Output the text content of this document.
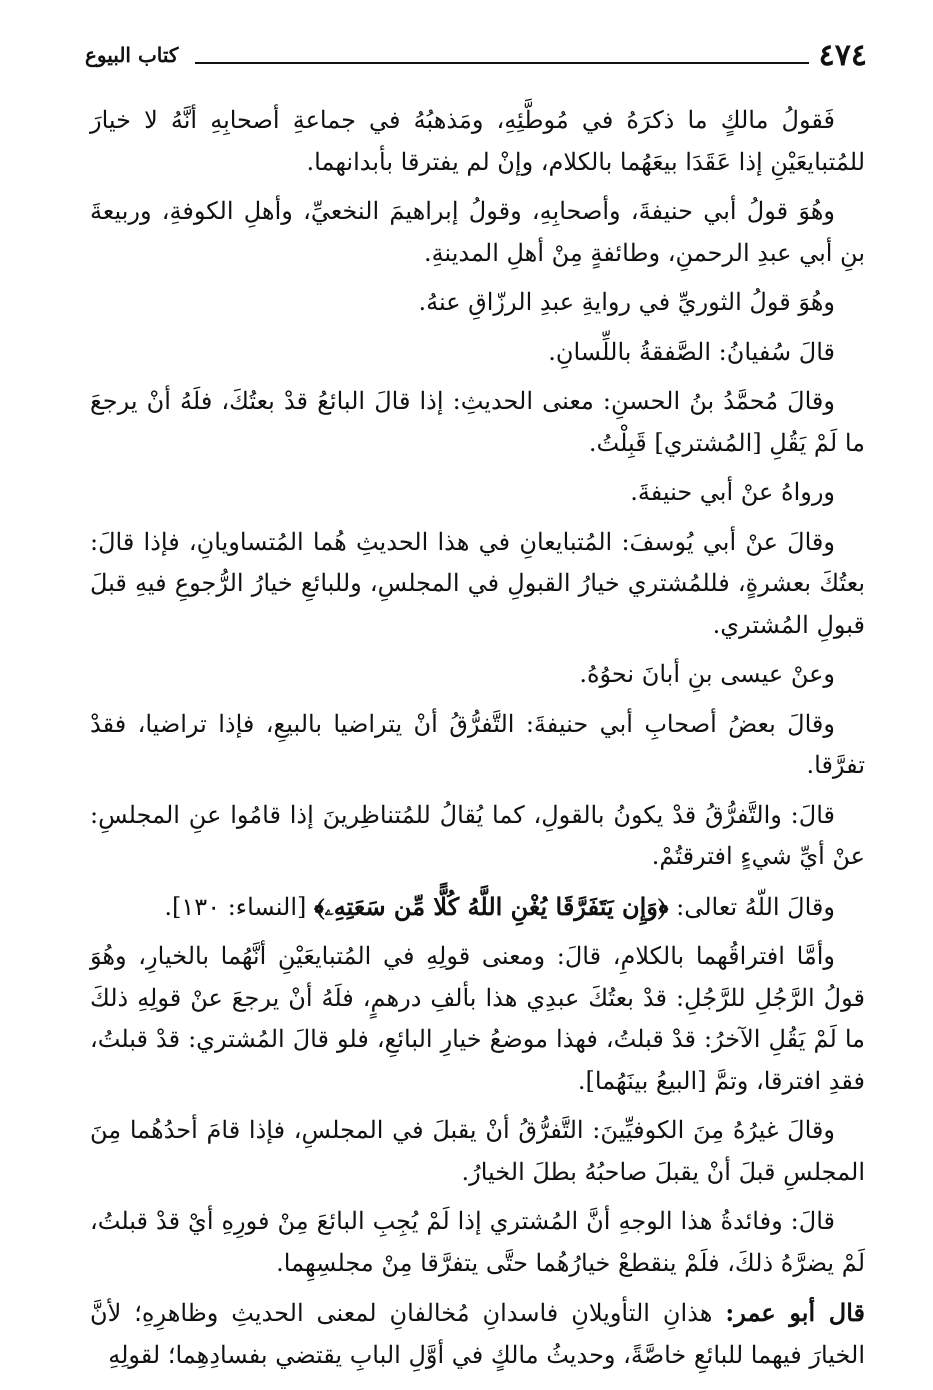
٤٧٤
كتاب البيوع

فَقولُ مالكٍ ما ذكرَهُ في مُوطَّئِهِ، ومَذهبُهُ في جماعةِ أصحابِهِ أنَّهُ لا خيارَ للمُتبايعَيْنِ إذا عَقَدَا بيعَهُما بالكلام، وإنْ لم يفترقا بأبدانهما.

وهُوَ قولُ أبي حنيفةَ، وأصحابِهِ، وقولُ إبراهيمَ النخعيِّ، وأهلِ الكوفةِ، وربيعةَ بنِ أبي عبدِ الرحمنِ، وطائفةٍ مِنْ أهلِ المدينةِ.

وهُوَ قولُ الثوريِّ في روايةِ عبدِ الرزّاقِ عنهُ.

قالَ سُفيانُ: الصَّفقةُ باللِّسانِ.

وقالَ مُحمَّدُ بنُ الحسنِ: معنى الحديثِ: إذا قالَ البائعُ قدْ بعتُكَ، فلَهُ أنْ يرجعَ ما لَمْ يَقُلِ [المُشتري] قَبِلْتُ.

ورواهُ عنْ أبي حنيفةَ.

وقالَ عنْ أبي يُوسفَ: المُتبايعانِ في هذا الحديثِ هُما المُتساويانِ، فإذا قالَ: بعتُكَ بعشرةٍ، فللمُشتري خيارُ القبولِ في المجلسِ، وللبائعِ خيارُ الرُّجوعِ فيهِ قبلَ قبولِ المُشتري.

وعنْ عيسى بنِ أبانَ نحوُهُ.

وقالَ بعضُ أصحابِ أبي حنيفةَ: التَّفرُّقُ أنْ يتراضيا بالبيعِ، فإذا تراضيا، فقدْ تفرَّقا.

قالَ: والتَّفرُّقُ قدْ يكونُ بالقولِ، كما يُقالُ للمُتناظِرينَ إذا قامُوا عنِ المجلسِ: عنْ أيِّ شيءٍ افترقتُمْ.

وقالَ اللّهُ تعالى: ﴿وَإِن يَتَفَرَّقَا يُغْنِ اللَّهُ كُلًّا مِّن سَعَتِهِۦ﴾ [النساء: ١٣٠].

وأمَّا افتراقُهما بالكلامِ، قالَ: ومعنى قولِهِ في المُتبايعَيْنِ أنَّهُما بالخيارِ، وهُوَ قولُ الرَّجُلِ للرَّجُلِ: قدْ بعتُكَ عبدِي هذا بألفِ درهمٍ، فلَهُ أنْ يرجعَ عنْ قولِهِ ذلكَ ما لَمْ يَقُلِ الآخرُ: قدْ قبلتُ، فهذا موضعُ خيارِ البائعِ، فلو قالَ المُشتري: قدْ قبلتُ، فقدِ افترقا، وتمَّ [البيعُ بينَهُما].

وقالَ غيرُهُ مِنَ الكوفيِّينَ: التَّفرُّقُ أنْ يقبلَ في المجلسِ، فإذا قامَ أحدُهُما مِنَ المجلسِ قبلَ أنْ يقبلَ صاحبُهُ بطلَ الخيارُ.

قالَ: وفائدةُ هذا الوجهِ أنَّ المُشتري إذا لَمْ يُجِبِ البائعَ مِنْ فورِهِ أيْ قدْ قبلتُ، لَمْ يضرَّهُ ذلكَ، فلَمْ ينقطعْ خيارُهُما حتَّى يتفرَّقا مِنْ مجلسِهِما.

قال أبو عمر: هذانِ التأويلانِ فاسدانِ مُخالفانِ لمعنى الحديثِ وظاهرِهِ؛ لأنَّ الخيارَ فيهما للبائعِ خاصَّةً، وحديثُ مالكٍ في أوَّلِ البابِ يقتضي بفسادِهِما؛ لقولِهِ
